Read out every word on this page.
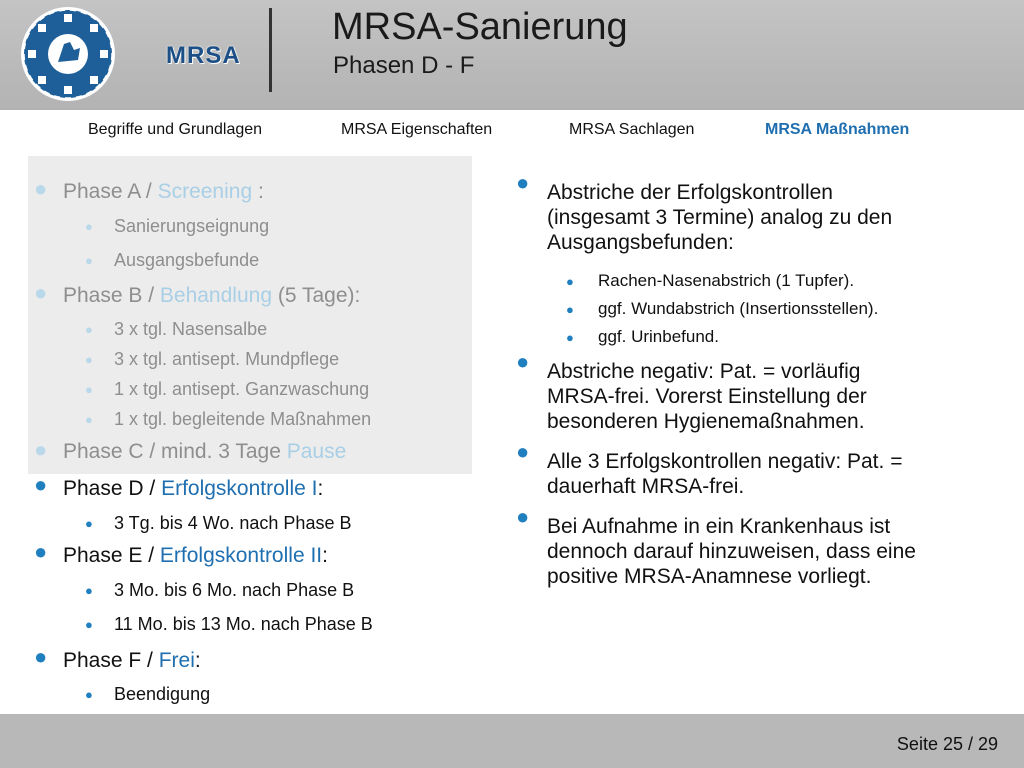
MRSA
MRSA-Sanierung
Phasen D - F
Begriffe und Grundlagen	MRSA Eigenschaften	MRSA Sachlagen	MRSA Maßnahmen
● Phase A / Screening :
● Sanierungseignung
● Ausgangsbefunde
● Phase B / Behandlung (5 Tage):
● 3 x tgl. Nasensalbe
● 3 x tgl. antisept. Mundpflege
● 1 x tgl. antisept. Ganzwaschung
● 1 x tgl. begleitende Maßnahmen
● Phase C / mind. 3 Tage Pause
● Phase D / Erfolgskontrolle I:
● 3 Tg. bis 4 Wo. nach Phase B
● Phase E / Erfolgskontrolle II:
● 3 Mo. bis 6 Mo. nach Phase B
● 11 Mo. bis 13 Mo. nach Phase B
● Phase F / Frei:
● Beendigung
● Abstriche der Erfolgskontrollen
(insgesamt 3 Termine) analog zu den
Ausgangsbefunden:
● Rachen-Nasenabstrich (1 Tupfer).
● ggf. Wundabstrich (Insertionsstellen).
● ggf. Urinbefund.
● Abstriche negativ: Pat. = vorläufig
MRSA-frei. Vorerst Einstellung der
besonderen Hygienemaßnahmen.
● Alle 3 Erfolgskontrollen negativ: Pat. =
dauerhaft MRSA-frei.
● Bei Aufnahme in ein Krankenhaus ist
dennoch darauf hinzuweisen, dass eine
positive MRSA-Anamnese vorliegt.
Seite 25 / 29
